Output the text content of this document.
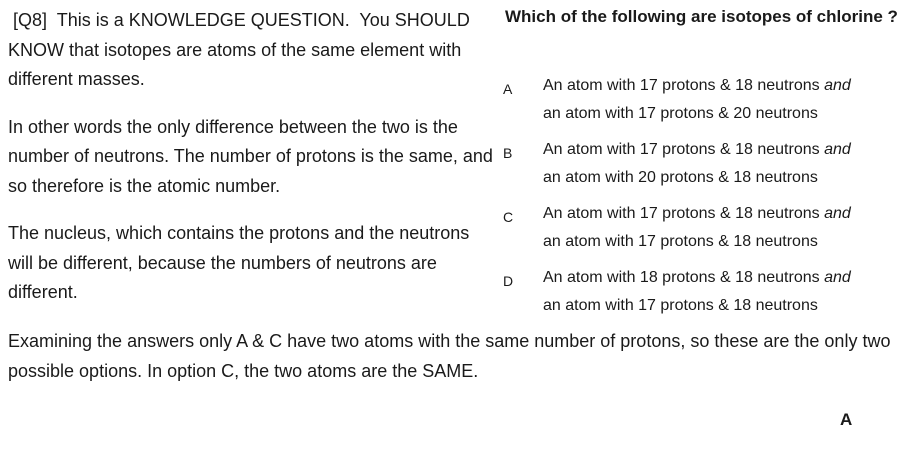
[Q8]  This is a KNOWLEDGE QUESTION.  You SHOULD KNOW that isotopes are atoms of the same element with different masses.

In other words the only difference between the two is the number of neutrons. The number of protons is the same, and so therefore is the atomic number.

The nucleus, which contains the protons and the neutrons will be different, because the numbers of neutrons are different.

Which of the following are isotopes of chlorine ?
A An atom with 17 protons & 18 neutrons and
an atom with 17 protons & 20 neutrons
B An atom with 17 protons & 18 neutrons and
an atom with 20 protons & 18 neutrons
C An atom with 17 protons & 18 neutrons and
an atom with 17 protons & 18 neutrons
D An atom with 18 protons & 18 neutrons and
an atom with 17 protons & 18 neutrons

Examining the answers only A & C have two atoms with the same number of protons, so these are the only two possible options. In option C, the two atoms are the SAME.

A
